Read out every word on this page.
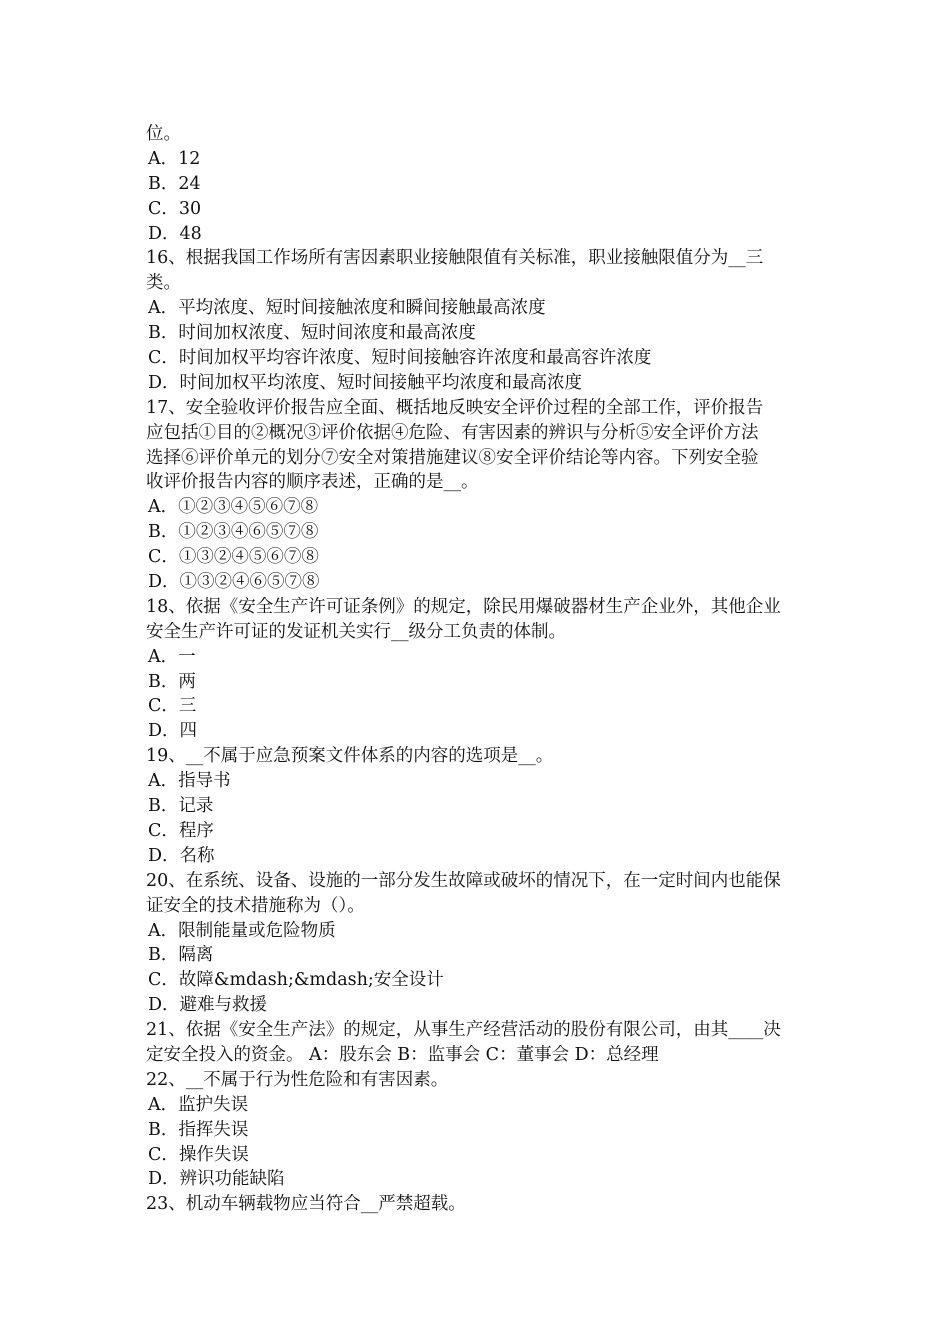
位。
A．12
B．24
C．30
D．48
16、根据我国工作场所有害因素职业接触限值有关标准，职业接触限值分为__三
类。
A．平均浓度、短时间接触浓度和瞬间接触最高浓度
B．时间加权浓度、短时间浓度和最高浓度
C．时间加权平均容许浓度、短时间接触容许浓度和最高容许浓度
D．时间加权平均浓度、短时间接触平均浓度和最高浓度
17、安全验收评价报告应全面、概括地反映安全评价过程的全部工作，评价报告
应包括①目的②概况③评价依据④危险、有害因素的辨识与分析⑤安全评价方法
选择⑥评价单元的划分⑦安全对策措施建议⑧安全评价结论等内容。下列安全验
收评价报告内容的顺序表述，正确的是__。
A．①②③④⑤⑥⑦⑧
B．①②③④⑥⑤⑦⑧
C．①③②④⑤⑥⑦⑧
D．①③②④⑥⑤⑦⑧
18、依据《安全生产许可证条例》的规定，除民用爆破器材生产企业外，其他企业
安全生产许可证的发证机关实行__级分工负责的体制。
A．一
B．两
C．三
D．四
19、__不属于应急预案文件体系的内容的选项是__。
A．指导书
B．记录
C．程序
D．名称
20、在系统、设备、设施的一部分发生故障或破坏的情况下，在一定时间内也能保
证安全的技术措施称为（）。
A．限制能量或危险物质
B．隔离
C．故障&mdash;&mdash;安全设计
D．避难与救援
21、依据《安全生产法》的规定，从事生产经营活动的股份有限公司，由其____决
定安全投入的资金。 A：股东会 B：监事会 C：董事会 D：总经理
22、__不属于行为性危险和有害因素。
A．监护失误
B．指挥失误
C．操作失误
D．辨识功能缺陷
23、机动车辆载物应当符合__严禁超载。
